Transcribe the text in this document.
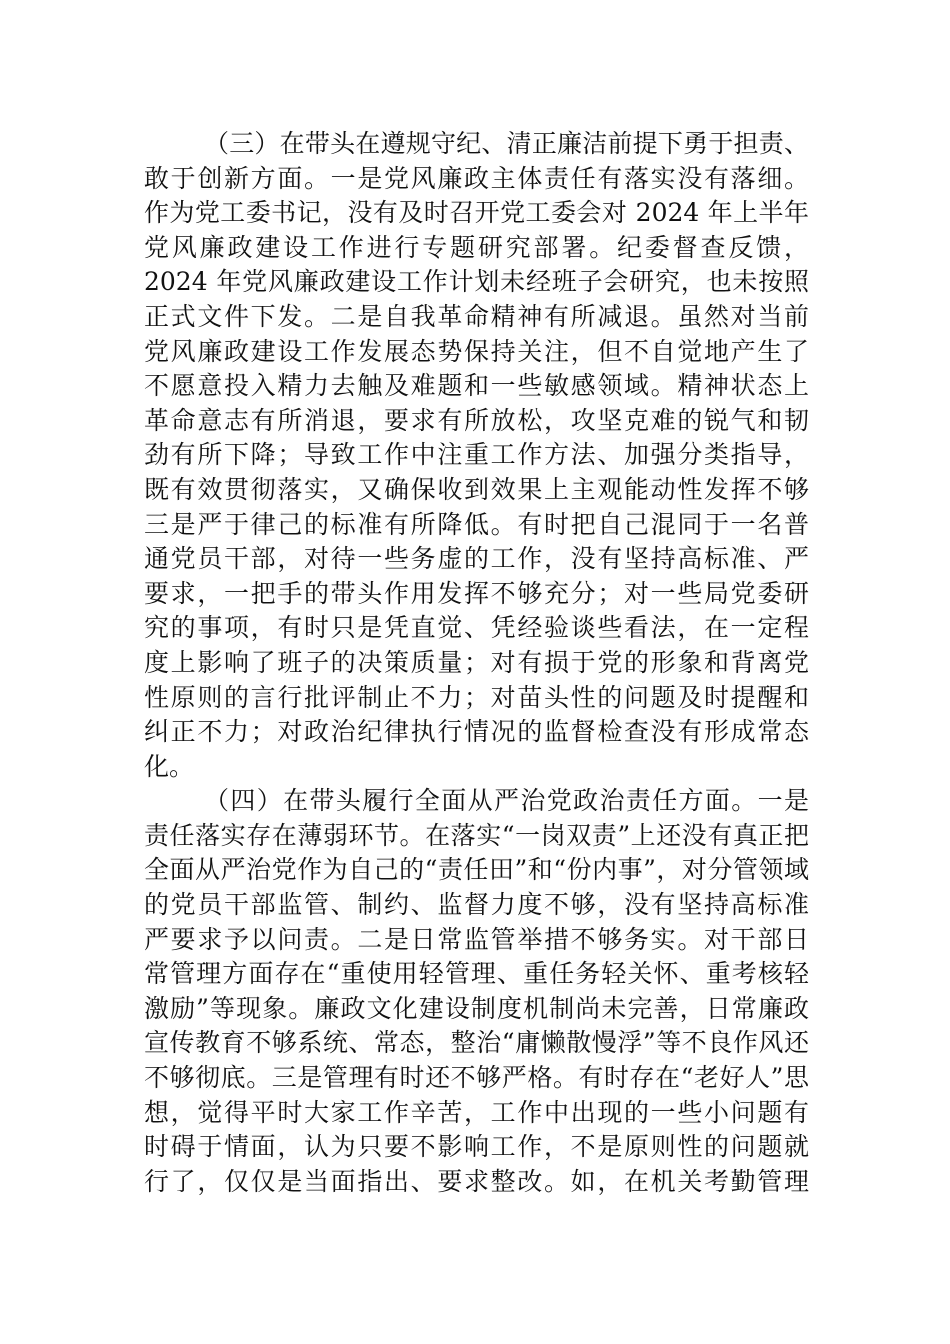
（三）在带头在遵规守纪、清正廉洁前提下勇于担责、
敢于创新方面。一是党风廉政主体责任有落实没有落细。
作为党工委书记，没有及时召开党工委会对 2024 年上半年
党风廉政建设工作进行专题研究部署。纪委督查反馈，
2024 年党风廉政建设工作计划未经班子会研究，也未按照
正式文件下发。二是自我革命精神有所减退。虽然对当前
党风廉政建设工作发展态势保持关注，但不自觉地产生了
不愿意投入精力去触及难题和一些敏感领域。精神状态上
革命意志有所消退，要求有所放松，攻坚克难的锐气和韧
劲有所下降；导致工作中注重工作方法、加强分类指导，
既有效贯彻落实，又确保收到效果上主观能动性发挥不够
三是严于律己的标准有所降低。有时把自己混同于一名普
通党员干部，对待一些务虚的工作，没有坚持高标准、严
要求，一把手的带头作用发挥不够充分；对一些局党委研
究的事项，有时只是凭直觉、凭经验谈些看法，在一定程
度上影响了班子的决策质量；对有损于党的形象和背离党
性原则的言行批评制止不力；对苗头性的问题及时提醒和
纠正不力；对政治纪律执行情况的监督检查没有形成常态
化。
（四）在带头履行全面从严治党政治责任方面。一是
责任落实存在薄弱环节。在落实“一岗双责”上还没有真正把
全面从严治党作为自己的“责任田”和“份内事”，对分管领域
的党员干部监管、制约、监督力度不够，没有坚持高标准
严要求予以问责。二是日常监管举措不够务实。对干部日
常管理方面存在“重使用轻管理、重任务轻关怀、重考核轻
激励”等现象。廉政文化建设制度机制尚未完善，日常廉政
宣传教育不够系统、常态，整治“庸懒散慢浮”等不良作风还
不够彻底。三是管理有时还不够严格。有时存在“老好人”思
想，觉得平时大家工作辛苦，工作中出现的一些小问题有
时碍于情面，认为只要不影响工作，不是原则性的问题就
行了，仅仅是当面指出、要求整改。如，在机关考勤管理
